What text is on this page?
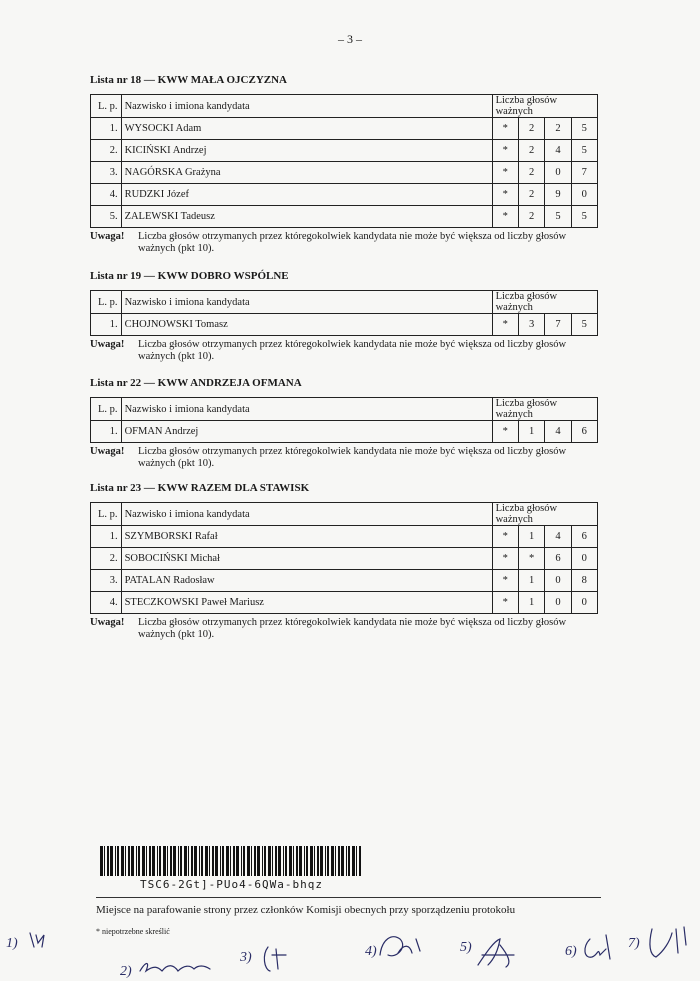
– 3 –
Lista nr 18 — KWW MAŁA OJCZYZNA
L. p.	Nazwisko i imiona kandydata	Liczba głosów ważnych			
1.	WYSOCKI Adam	*	2	2	5
2.	KICIŃSKI Andrzej	*	2	4	5
3.	NAGÓRSKA Grażyna	*	2	0	7
4.	RUDZKI Józef	*	2	9	0
5.	ZALEWSKI Tadeusz	*	2	5	5
Uwaga!	Liczba głosów otrzymanych przez któregokolwiek kandydata nie może być większa od liczby głosów ważnych (pkt 10).
Lista nr 19 — KWW DOBRO WSPÓLNE
L. p.	Nazwisko i imiona kandydata	Liczba głosów ważnych			
1.	CHOJNOWSKI Tomasz	*	3	7	5
Uwaga!	Liczba głosów otrzymanych przez któregokolwiek kandydata nie może być większa od liczby głosów ważnych (pkt 10).
Lista nr 22 — KWW ANDRZEJA OFMANA
L. p.	Nazwisko i imiona kandydata	Liczba głosów ważnych			
1.	OFMAN Andrzej	*	1	4	6
Uwaga!	Liczba głosów otrzymanych przez któregokolwiek kandydata nie może być większa od liczby głosów ważnych (pkt 10).
Lista nr 23 — KWW RAZEM DLA STAWISK
L. p.	Nazwisko i imiona kandydata	Liczba głosów ważnych			
1.	SZYMBORSKI Rafał	*	1	4	6
2.	SOBOCIŃSKI Michał	*	*	6	0
3.	PATALAN Radosław	*	1	0	8
4.	STECZKOWSKI Paweł Mariusz	*	1	0	0
Uwaga!	Liczba głosów otrzymanych przez któregokolwiek kandydata nie może być większa od liczby głosów ważnych (pkt 10).
TSC6-2Gt]-PUo4-6QWa-bhqz
Miejsce na parafowanie strony przez członków Komisji obecnych przy sporządzeniu protokołu
* niepotrzebne skreślić
1)
2)
3)	4)	5)	6)
7)
